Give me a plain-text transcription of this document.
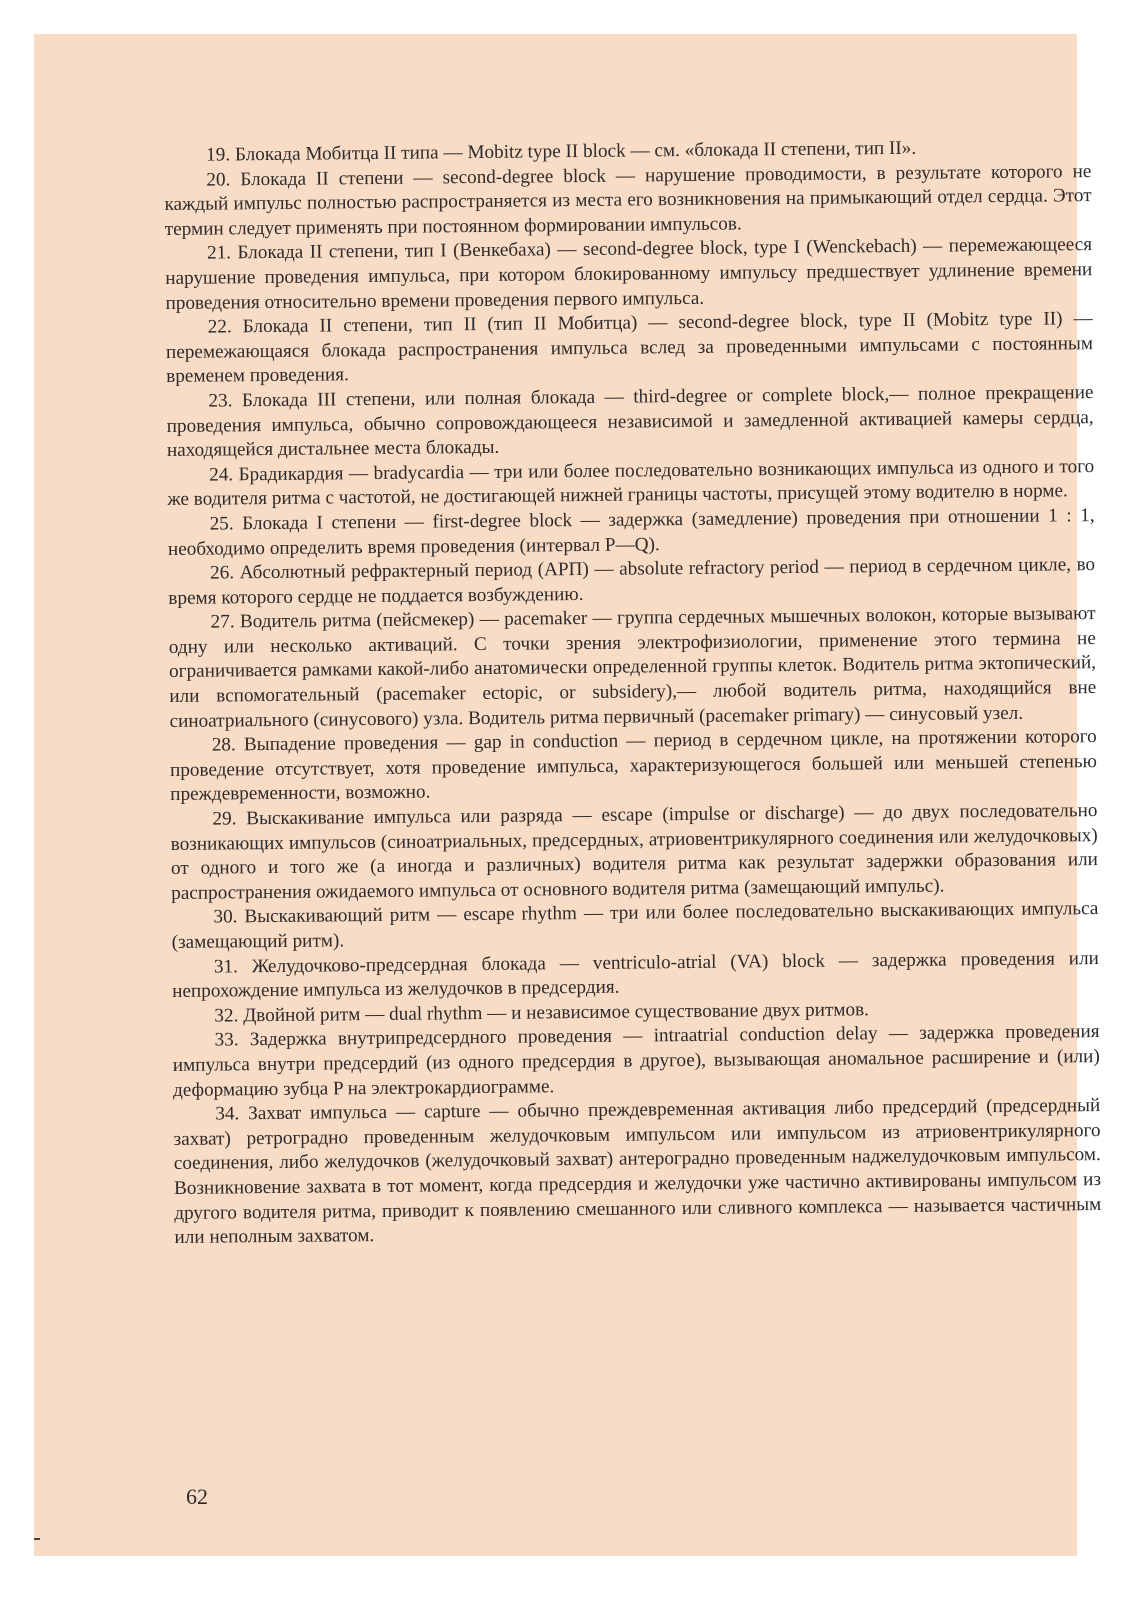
19. Блокада Мобитца II типа — Mobitz type II block — см. «блокада II степени, тип II».

20. Блокада II степени — second-degree block — нарушение проводимости, в результате которого не каждый импульс полностью распространяется из места его возникновения на примыкающий отдел сердца. Этот термин следует применять при постоянном формировании импульсов.

21. Блокада II степени, тип I (Венкебаха) — second-degree block, type I (Wenckebach) — перемежающееся нарушение проведения импульса, при котором блокированному импульсу предшествует удлинение времени проведения относительно времени проведения первого импульса.

22. Блокада II степени, тип II (тип II Мобитца) — second-degree block, type II (Mobitz type II) — перемежающаяся блокада распространения импульса вслед за проведенными импульсами с постоянным временем проведения.

23. Блокада III степени, или полная блокада — third-degree or complete block,— полное прекращение проведения импульса, обычно сопровождающееся независимой и замедленной активацией камеры сердца, находящейся дистальнее места блокады.

24. Брадикардия — bradycardia — три или более последовательно возникающих импульса из одного и того же водителя ритма с частотой, не достигающей нижней границы частоты, присущей этому водителю в норме.

25. Блокада I степени — first-degree block — задержка (замедление) проведения при отношении 1 : 1, необходимо определить время проведения (интервал P—Q).

26. Абсолютный рефрактерный период (АРП) — absolute refractory period — период в сердечном цикле, во время которого сердце не поддается возбуждению.

27. Водитель ритма (пейсмекер) — pacemaker — группа сердечных мышечных волокон, которые вызывают одну или несколько активаций. С точки зрения электрофизиологии, применение этого термина не ограничивается рамками какой-либо анатомически определенной группы клеток. Водитель ритма эктопический, или вспомогательный (pacemaker ectopic, or subsidery),— любой водитель ритма, находящийся вне синоатриального (синусового) узла. Водитель ритма первичный (pacemaker primary) — синусовый узел.

28. Выпадение проведения — gap in conduction — период в сердечном цикле, на протяжении которого проведение отсутствует, хотя проведение импульса, характеризующегося большей или меньшей степенью преждевременности, возможно.

29. Выскакивание импульса или разряда — escape (impulse or discharge) — до двух последовательно возникающих импульсов (синоатриальных, предсердных, атриовентрикулярного соединения или желудочковых) от одного и того же (а иногда и различных) водителя ритма как результат задержки образования или распространения ожидаемого импульса от основного водителя ритма (замещающий импульс).

30. Выскакивающий ритм — escape rhythm — три или более последовательно выскакивающих импульса (замещающий ритм).

31. Желудочково-предсердная блокада — ventriculo-atrial (VA) block — задержка проведения или непрохождение импульса из желудочков в предсердия.

32. Двойной ритм — dual rhythm — и независимое существование двух ритмов.

33. Задержка внутрипредсердного проведения — intraatrial conduction delay — задержка проведения импульса внутри предсердий (из одного предсердия в другое), вызывающая аномальное расширение и (или) деформацию зубца P на электрокардиограмме.

34. Захват импульса — capture — обычно преждевременная активация либо предсердий (предсердный захват) ретроградно проведенным желудочковым импульсом или импульсом из атриовентрикулярного соединения, либо желудочков (желудочковый захват) антероградно проведенным наджелудочковым импульсом. Возникновение захвата в тот момент, когда предсердия и желудочки уже частично активированы импульсом из другого водителя ритма, приводит к появлению смешанного или сливного комплекса — называется частичным или неполным захватом.

62
